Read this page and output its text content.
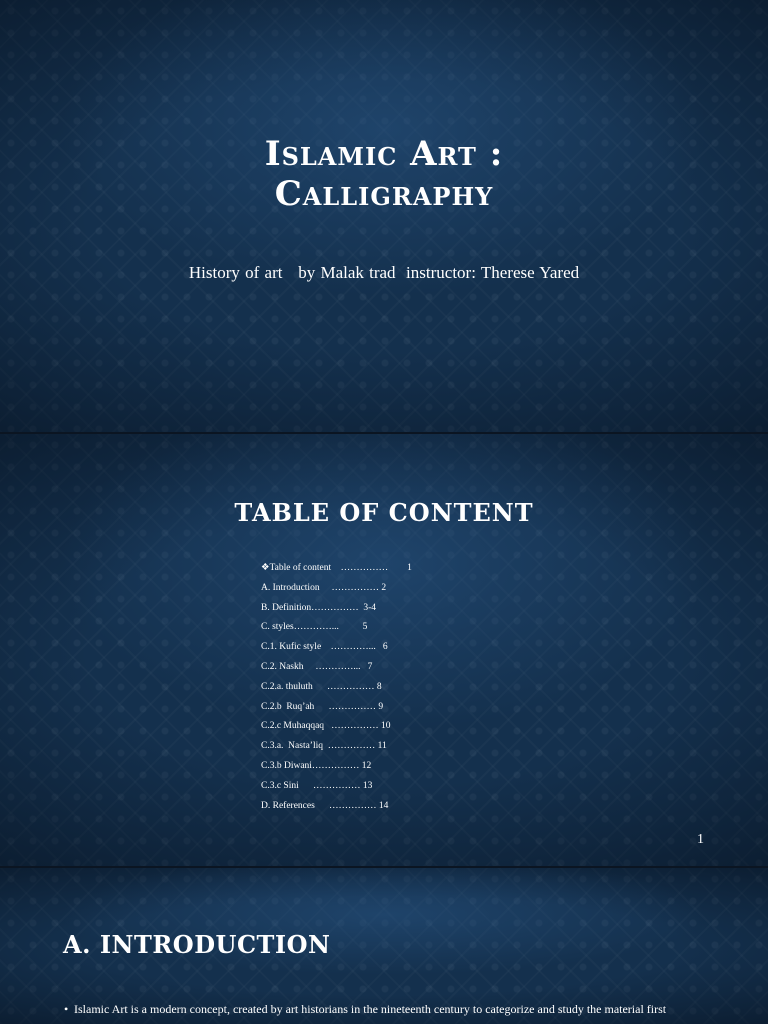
Islamic Art :
Calligraphy

History of art   by Malak trad  instructor: Therese Yared

TABLE OF CONTENT
❖Table of content    ……………        1
A. Introduction     …………… 2
B. Definition……………  3-4
C. styles…………...          5
C.1. Kufic style    …………...   6
C.2. Naskh     …………...   7
C.2.a. thuluth      …………… 8
C.2.b  Ruq’ah      …………… 9
C.2.c Muhaqqaq   …………… 10
C.3.a.  Nasta’liq  …………… 11
C.3.b Diwani…………… 12
C.3.c Sini      …………… 13
D. References      …………… 14
1
A. INTRODUCTION
• Islamic Art is a modern concept, created by art historians in the nineteenth century to categorize and study the material first
